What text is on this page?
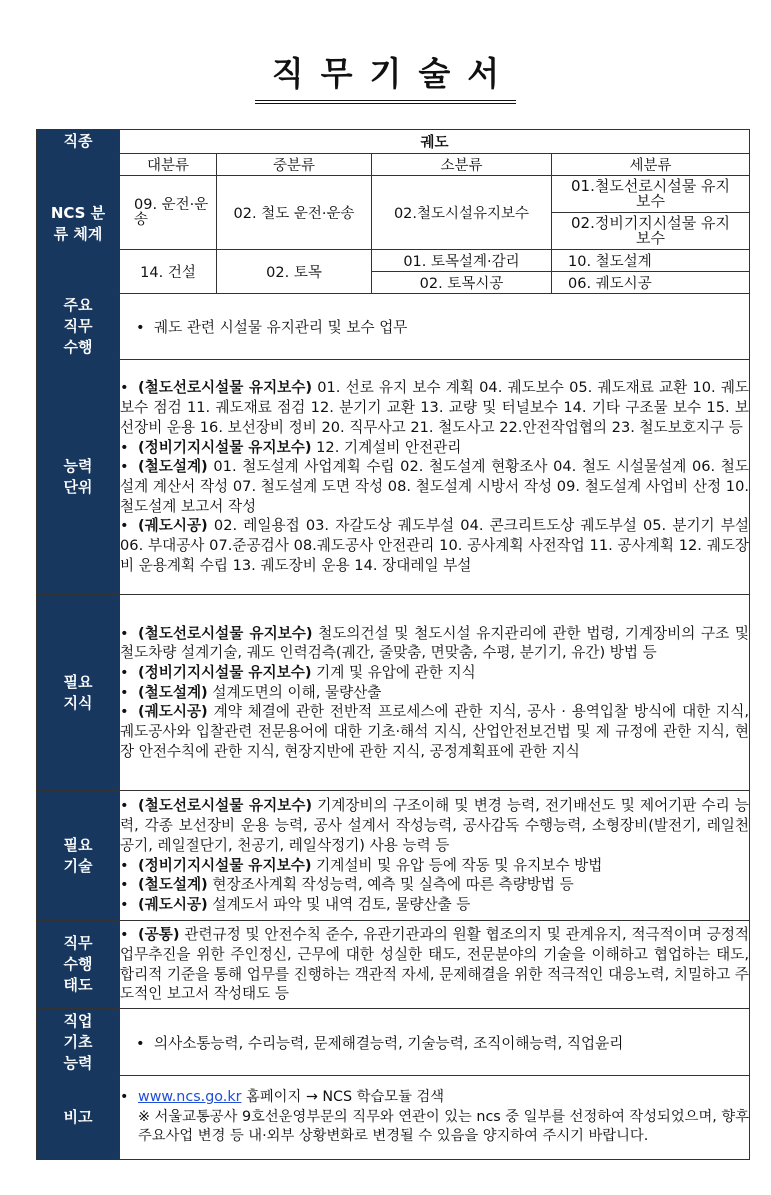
직무기술서
직종	궤도			

NCS 분류 체계	대분류	중분류	소분류	세분류
	09. 운전·운송	02. 철도 운전·운송	02.철도시설유지보수	01.철도선로시설물 유지보수
				02.정비기지시설물 유지보수
	14. 건설	02. 토목	01. 토목설계·감리	10. 철도설계
			02. 토목시공	06. 궤도시공

주요 직무 수행	• 궤도 관련 시설물 유지관리 및 보수 업무			

능력 단위	• (철도선로시설물 유지보수) 01. 선로 유지 보수 계획 04. 궤도보수 05. 궤도재료 교환 10. 궤도보수 점검 11. 궤도재료 점검 12. 분기기 교환 13. 교량 및 터널보수 14. 기타 구조물 보수 15. 보선장비 운용 16. 보선장비 정비 20. 직무사고 21. 철도사고 22.안전작업협의 23. 철도보호지구 등
• (정비기지시설물 유지보수) 12. 기계설비 안전관리
• (철도설계) 01. 철도설계 사업계획 수립 02. 철도설계 현황조사 04. 철도 시설물설계 06. 철도설계 계산서 작성 07. 철도설계 도면 작성 08. 철도설계 시방서 작성 09. 철도설계 사업비 산정 10. 철도설계 보고서 작성
• (궤도시공) 02. 레일용접 03. 자갈도상 궤도부설 04. 콘크리트도상 궤도부설 05. 분기기 부설 06. 부대공사 07.준공검사 08.궤도공사 안전관리 10. 공사계획 사전작업 11. 공사계획 12. 궤도장비 운용계획 수립 13. 궤도장비 운용 14. 장대레일 부설			

필요 지식	• (철도선로시설물 유지보수) 철도의건설 및 철도시설 유지관리에 관한 법령, 기계장비의 구조 및 철도차량 설계기술, 궤도 인력검측(궤간, 줄맞춤, 면맞춤, 수평, 분기기, 유간) 방법 등
• (정비기지시설물 유지보수) 기계 및 유압에 관한 지식
• (철도설계) 설계도면의 이해, 물량산출
• (궤도시공) 계약 체결에 관한 전반적 프로세스에 관한 지식, 공사 · 용역입찰 방식에 대한 지식, 궤도공사와 입찰관련 전문용어에 대한 기초·해석 지식, 산업안전보건법 및 제 규정에 관한 지식, 현장 안전수칙에 관한 지식, 현장지반에 관한 지식, 공정계획표에 관한 지식			

필요 기술	• (철도선로시설물 유지보수) 기계장비의 구조이해 및 변경 능력, 전기배선도 및 제어기판 수리 능력, 각종 보선장비 운용 능력, 공사 설계서 작성능력, 공사감독 수행능력, 소형장비(발전기, 레일천공기, 레일절단기, 천공기, 레일삭정기) 사용 능력 등
• (정비기지시설물 유지보수) 기계설비 및 유압 등에 작동 및 유지보수 방법
• (철도설계) 현장조사계획 작성능력, 예측 및 실측에 따른 측량방법 등
• (궤도시공) 설계도서 파악 및 내역 검토, 물량산출 등			

직무 수행 태도	• (공통) 관련규정 및 안전수칙 준수, 유관기관과의 원활 협조의지 및 관계유지, 적극적이며 긍정적 업무추진을 위한 주인정신, 근무에 대한 성실한 태도, 전문분야의 기술을 이해하고 협업하는 태도, 합리적 기준을 통해 업무를 진행하는 객관적 자세, 문제해결을 위한 적극적인 대응노력, 치밀하고 주도적인 보고서 작성태도 등			

직업 기초 능력	• 의사소통능력, 수리능력, 문제해결능력, 기술능력, 조직이해능력, 직업윤리			
비고	• www.ncs.go.kr 홈페이지 → NCS 학습모듈 검색
※ 서울교통공사 9호선운영부문의 직무와 연관이 있는 ncs 중 일부를 선정하여 작성되었으며, 향후 주요사업 변경 등 내·외부 상황변화로 변경될 수 있음을 양지하여 주시기 바랍니다.			
